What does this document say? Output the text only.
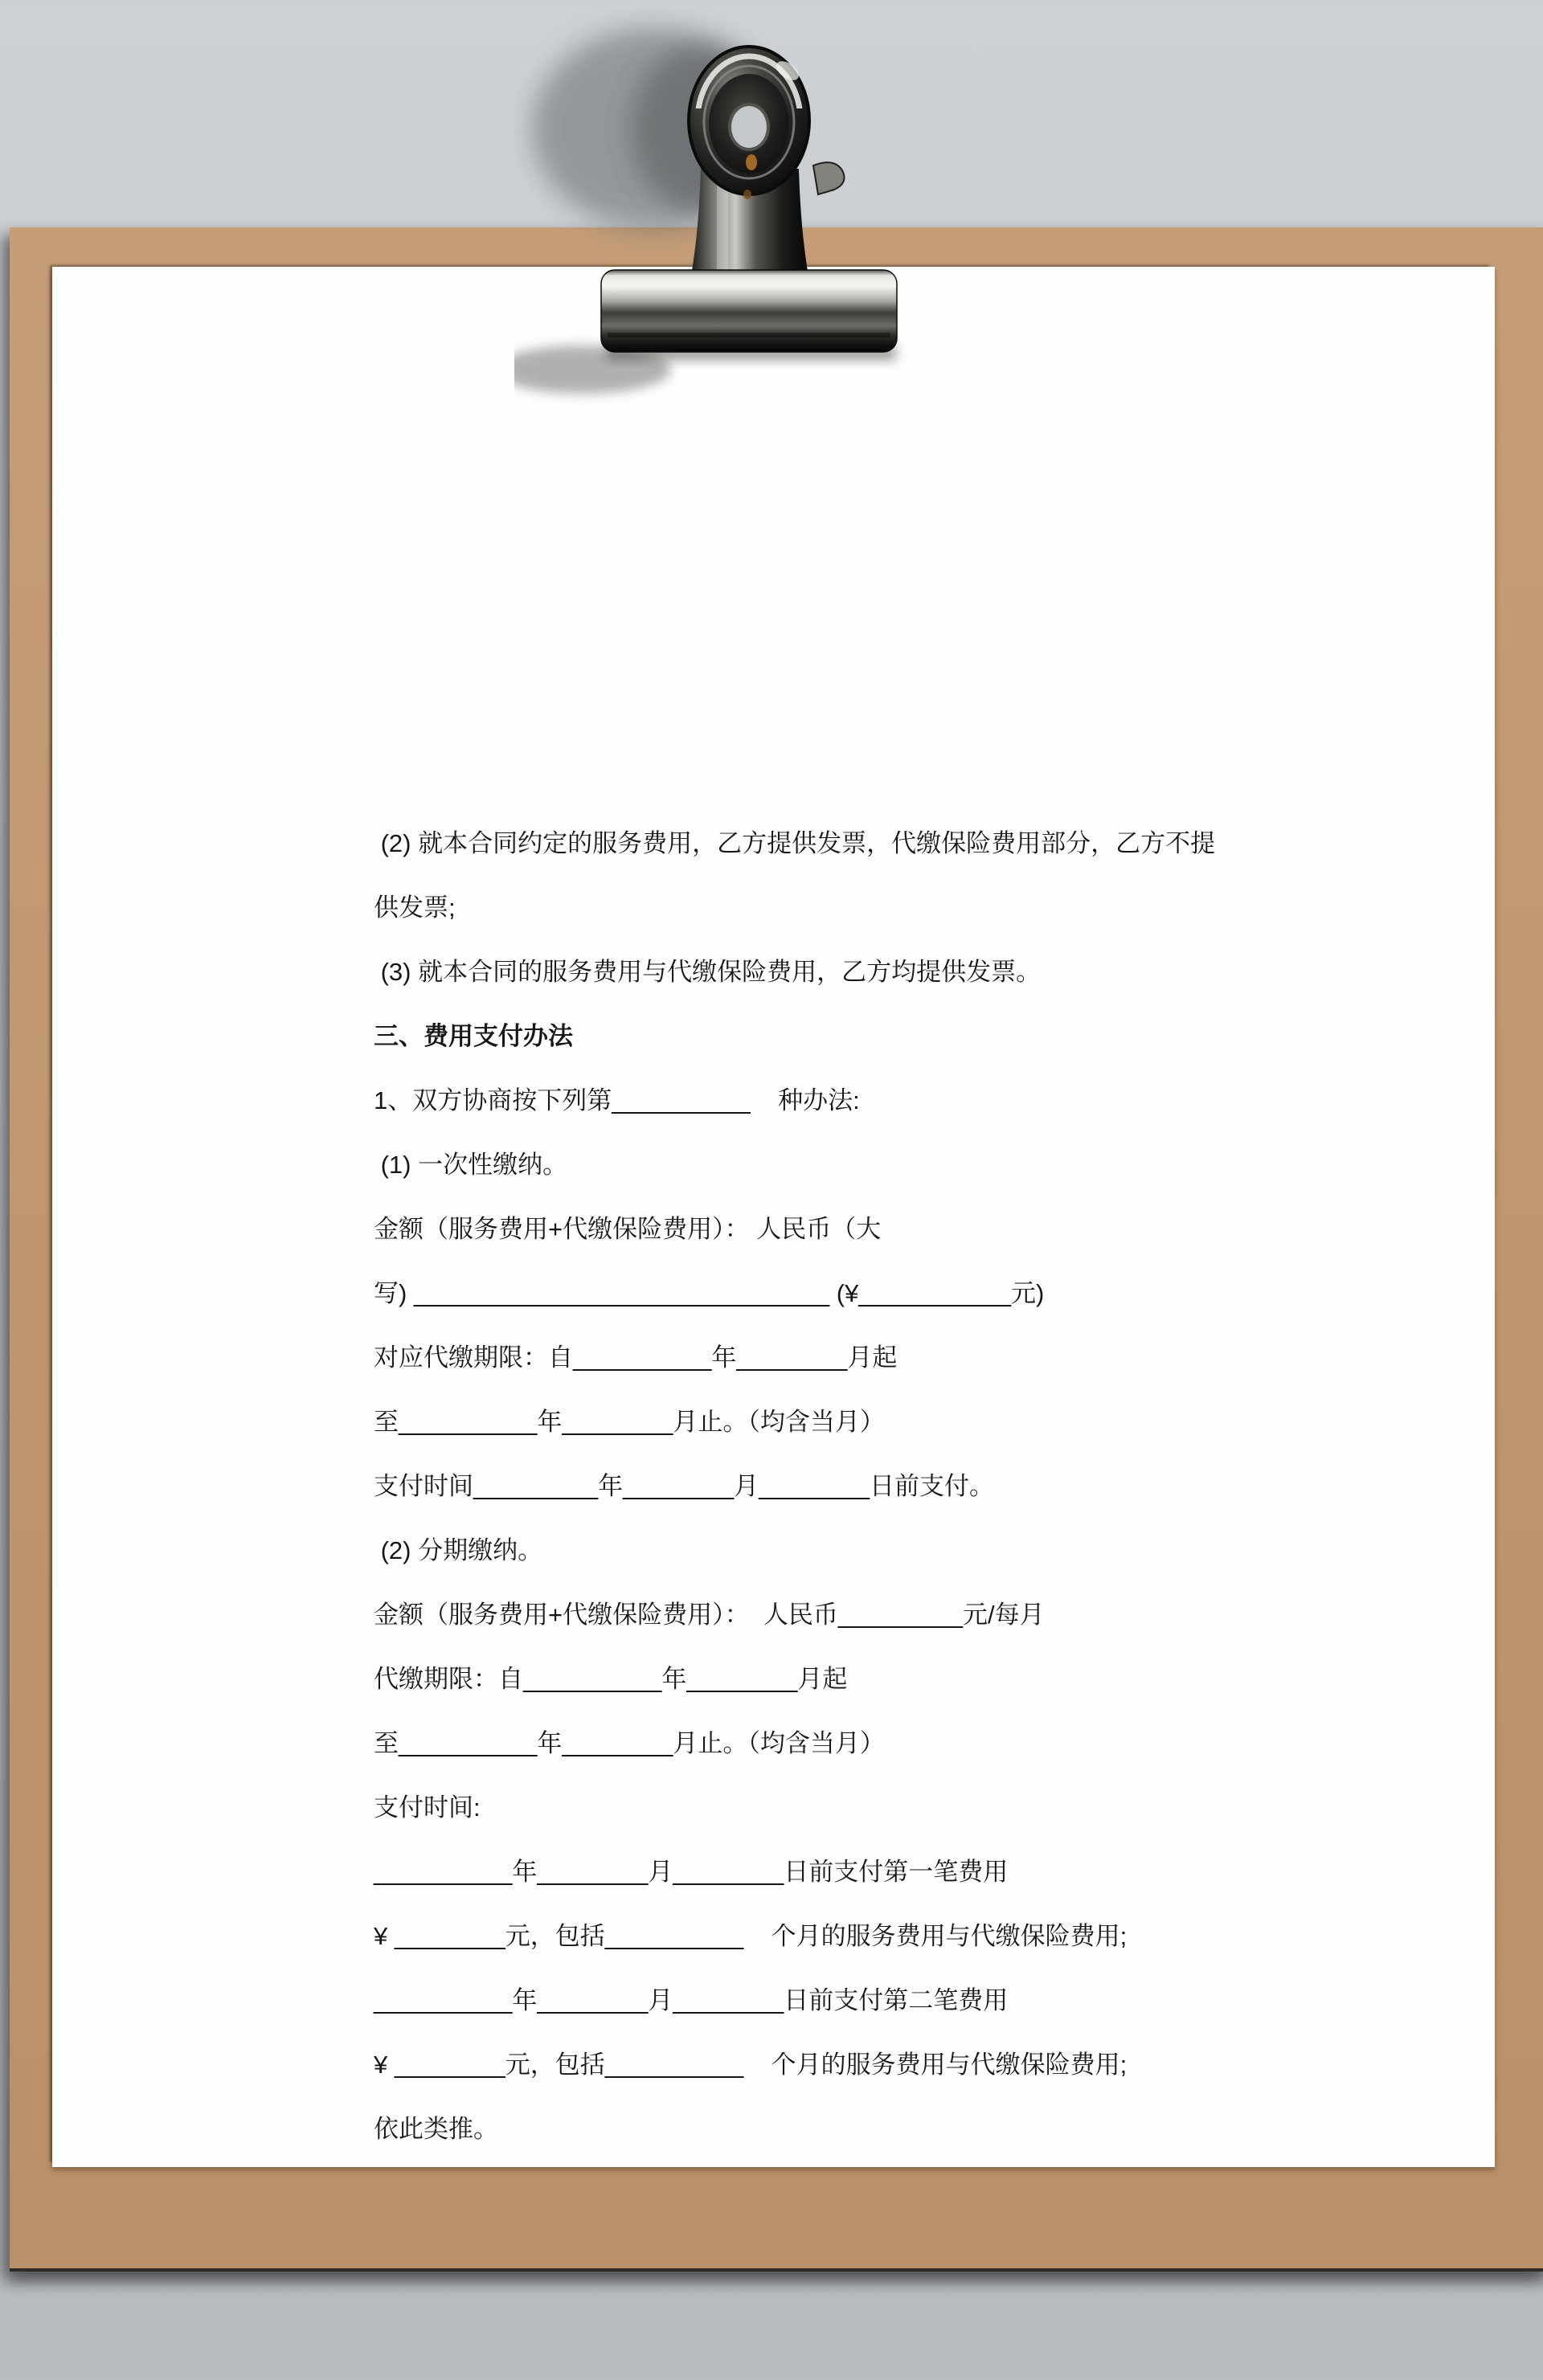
(2) 就本合同约定的服务费用，乙方提供发票，代缴保险费用部分，乙方不提
供发票;
(3) 就本合同的服务费用与代缴保险费用，乙方均提供发票。
三、费用支付办法
1、双方协商按下列第__________    种办法:
(1) 一次性缴纳。
金额（服务费用+代缴保险费用）： 人民币（大
写) ______________________________ (¥___________元)
对应代缴期限：自__________年________月起
至__________年________月止。（均含当月）
支付时间_________年________月________日前支付。
(2) 分期缴纳。
金额（服务费用+代缴保险费用）：  人民币_________元/每月
代缴期限：自__________年________月起
至__________年________月止。（均含当月）
支付时间:
__________年________月________日前支付第一笔费用
¥ ________元，包括__________    个月的服务费用与代缴保险费用;
__________年________月________日前支付第二笔费用
¥ ________元，包括__________    个月的服务费用与代缴保险费用;
依此类推。
